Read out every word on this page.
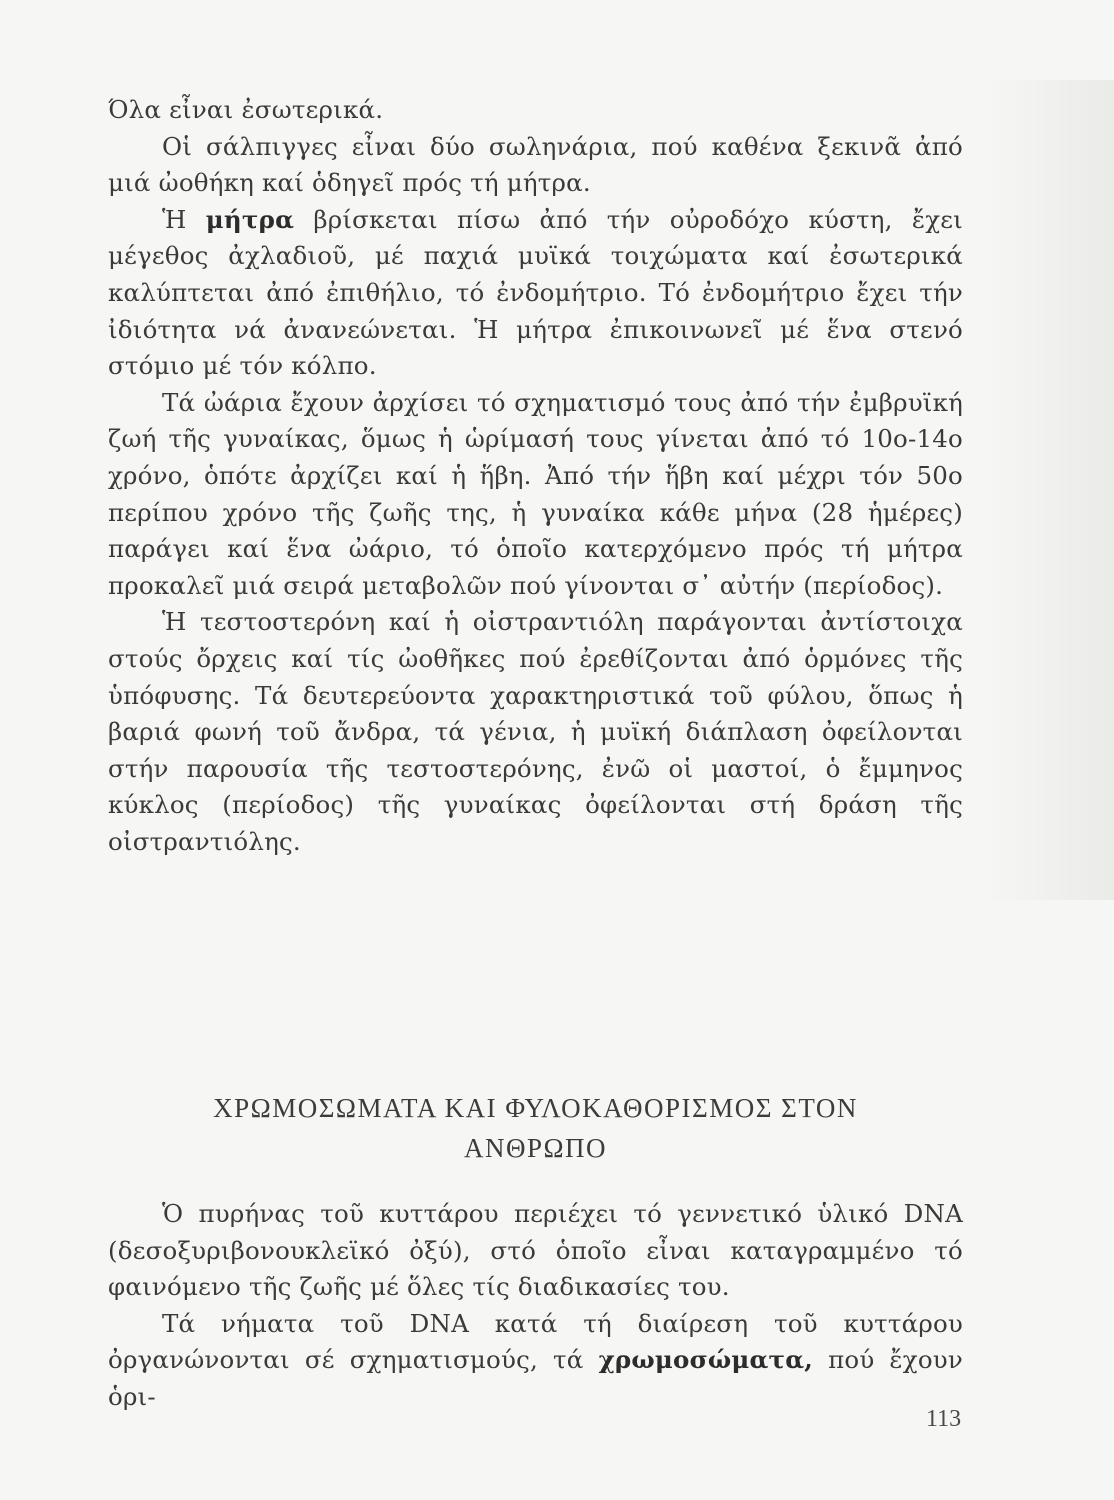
Όλα εἶναι ἐσωτερικά.

Οἱ σάλπιγγες εἶναι δύο σωληνάρια, πού καθένα ξεκινᾶ ἀπό μιά ὠοθήκη καί ὁδηγεῖ πρός τή μήτρα.

Ἡ μήτρα βρίσκεται πίσω ἀπό τήν οὐροδόχο κύστη, ἔχει μέγεθος ἀχλαδιοῦ, μέ παχιά μυϊκά τοιχώματα καί ἐσωτερικά καλύπτεται ἀπό ἐπιθήλιο, τό ἐνδομήτριο. Τό ἐνδομήτριο ἔχει τήν ἰδιότητα νά ἀνανεώνεται. Ἡ μήτρα ἐπικοινωνεῖ μέ ἕνα στενό στόμιο μέ τόν κόλπο.

Τά ὠάρια ἔχουν ἀρχίσει τό σχηματισμό τους ἀπό τήν ἐμβρυϊκή ζωή τῆς γυναίκας, ὅμως ἡ ὡρίμασή τους γίνεται ἀπό τό 10ο-14ο χρόνο, ὁπότε ἀρχίζει καί ἡ ἥβη. Ἀπό τήν ἥβη καί μέχρι τόν 50ο περίπου χρόνο τῆς ζωῆς της, ἡ γυναίκα κάθε μήνα (28 ἡμέρες) παράγει καί ἕνα ὠάριο, τό ὁποῖο κατερχόμενο πρός τή μήτρα προκαλεῖ μιά σειρά μεταβολῶν πού γίνονται σ᾿ αὐτήν (περίοδος).

Ἡ τεστοστερόνη καί ἡ οἰστραντιόλη παράγονται ἀντίστοιχα στούς ὄρχεις καί τίς ὠοθῆκες πού ἐρεθίζονται ἀπό ὁρμόνες τῆς ὑπόφυσης. Τά δευτερεύοντα χαρακτηριστικά τοῦ φύλου, ὅπως ἡ βαριά φωνή τοῦ ἄνδρα, τά γένια, ἡ μυϊκή διάπλαση ὀφείλονται στήν παρουσία τῆς τεστοστερόνης, ἐνῶ οἱ μαστοί, ὁ ἔμμηνος κύκλος (περίοδος) τῆς γυναίκας ὀφείλονται στή δράση τῆς οἰστραντιόλης.

ΧΡΩΜΟΣΩΜΑΤΑ ΚΑΙ ΦΥΛΟΚΑΘΟΡΙΣΜΟΣ ΣΤΟΝ
ΑΝΘΡΩΠΟ

Ὁ πυρήνας τοῦ κυττάρου περιέχει τό γεννετικό ὑλικό DNA (δεσοξυριβονουκλεϊκό ὀξύ), στό ὁποῖο εἶναι καταγραμμένο τό φαινόμενο τῆς ζωῆς μέ ὅλες τίς διαδικασίες του.

Τά νήματα τοῦ DNA κατά τή διαίρεση τοῦ κυττάρου ὀργανώνονται σέ σχηματισμούς, τά χρωμοσώματα, πού ἔχουν ὁρι-

113
